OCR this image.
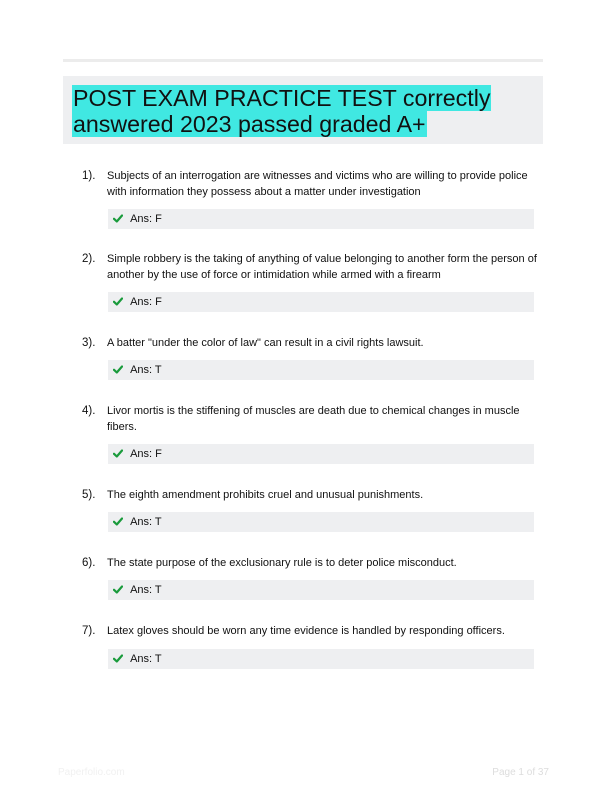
POST EXAM PRACTICE TEST correctly answered 2023 passed graded A+
1). Subjects of an interrogation are witnesses and victims who are willing to provide police with information they possess about a matter under investigation
Ans: F
2). Simple robbery is the taking of anything of value belonging to another form the person of another by the use of force or intimidation while armed with a firearm
Ans: F
3). A batter "under the color of law" can result in a civil rights lawsuit.
Ans: T
4). Livor mortis is the stiffening of muscles are death due to chemical changes in muscle fibers.
Ans: F
5). The eighth amendment prohibits cruel and unusual punishments.
Ans: T
6). The state purpose of the exclusionary rule is to deter police misconduct.
Ans: T
7). Latex gloves should be worn any time evidence is handled by responding officers.
Ans: T
Paperfolio.com	Page 1 of 37
